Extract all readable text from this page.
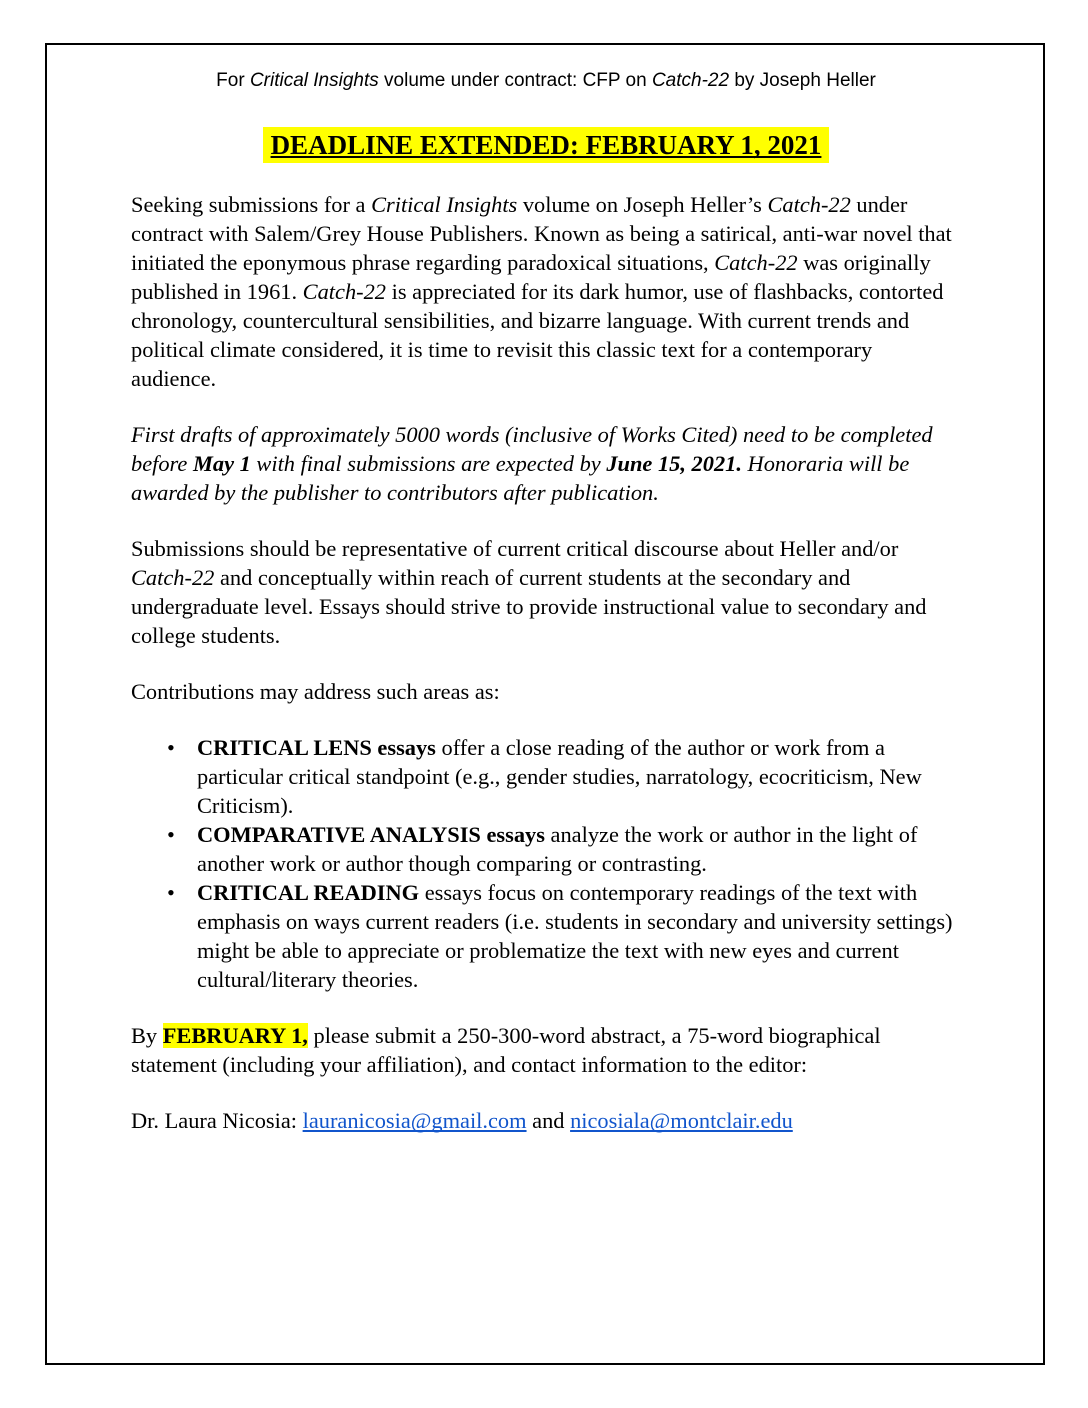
For Critical Insights volume under contract: CFP on Catch-22 by Joseph Heller
DEADLINE EXTENDED: FEBRUARY 1, 2021

Seeking submissions for a Critical Insights volume on Joseph Heller’s Catch-22 under contract with Salem/Grey House Publishers. Known as being a satirical, anti-war novel that initiated the eponymous phrase regarding paradoxical situations, Catch-22 was originally published in 1961. Catch-22 is appreciated for its dark humor, use of flashbacks, contorted chronology, countercultural sensibilities, and bizarre language. With current trends and political climate considered, it is time to revisit this classic text for a contemporary audience.

First drafts of approximately 5000 words (inclusive of Works Cited) need to be completed before May 1 with final submissions are expected by June 15, 2021. Honoraria will be awarded by the publisher to contributors after publication.

Submissions should be representative of current critical discourse about Heller and/or Catch-22 and conceptually within reach of current students at the secondary and undergraduate level. Essays should strive to provide instructional value to secondary and college students.

Contributions may address such areas as:

• CRITICAL LENS essays offer a close reading of the author or work from a particular critical standpoint (e.g., gender studies, narratology, ecocriticism, New Criticism).
• COMPARATIVE ANALYSIS essays analyze the work or author in the light of another work or author though comparing or contrasting.
• CRITICAL READING essays focus on contemporary readings of the text with emphasis on ways current readers (i.e. students in secondary and university settings) might be able to appreciate or problematize the text with new eyes and current cultural/literary theories.

By FEBRUARY 1, please submit a 250-300-word abstract, a 75-word biographical statement (including your affiliation), and contact information to the editor:

Dr. Laura Nicosia: lauranicosia@gmail.com and nicosiala@montclair.edu
